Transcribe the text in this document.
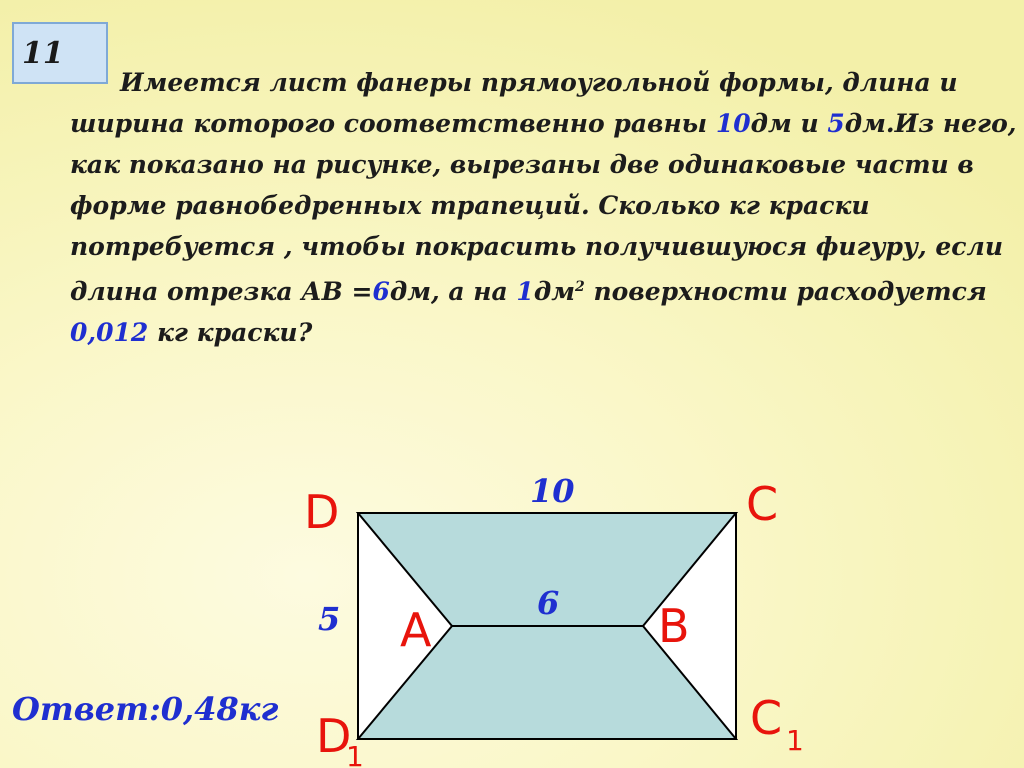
11

Имеется лист фанеры прямоугольной формы, длина и ширина которого соответственно равны 10дм и 5дм.Из него, как показано на рисунке, вырезаны две одинаковые части в форме равнобедренных трапеций. Сколько кг краски потребуется , чтобы покрасить получившуюся фигуру, если длина отрезка АВ =6дм, а на $1дм^2$ поверхности расходуется 0,012 кг краски?

D	C
A	B
D
1
C 1
10
5	6
Ответ:0,48кг
